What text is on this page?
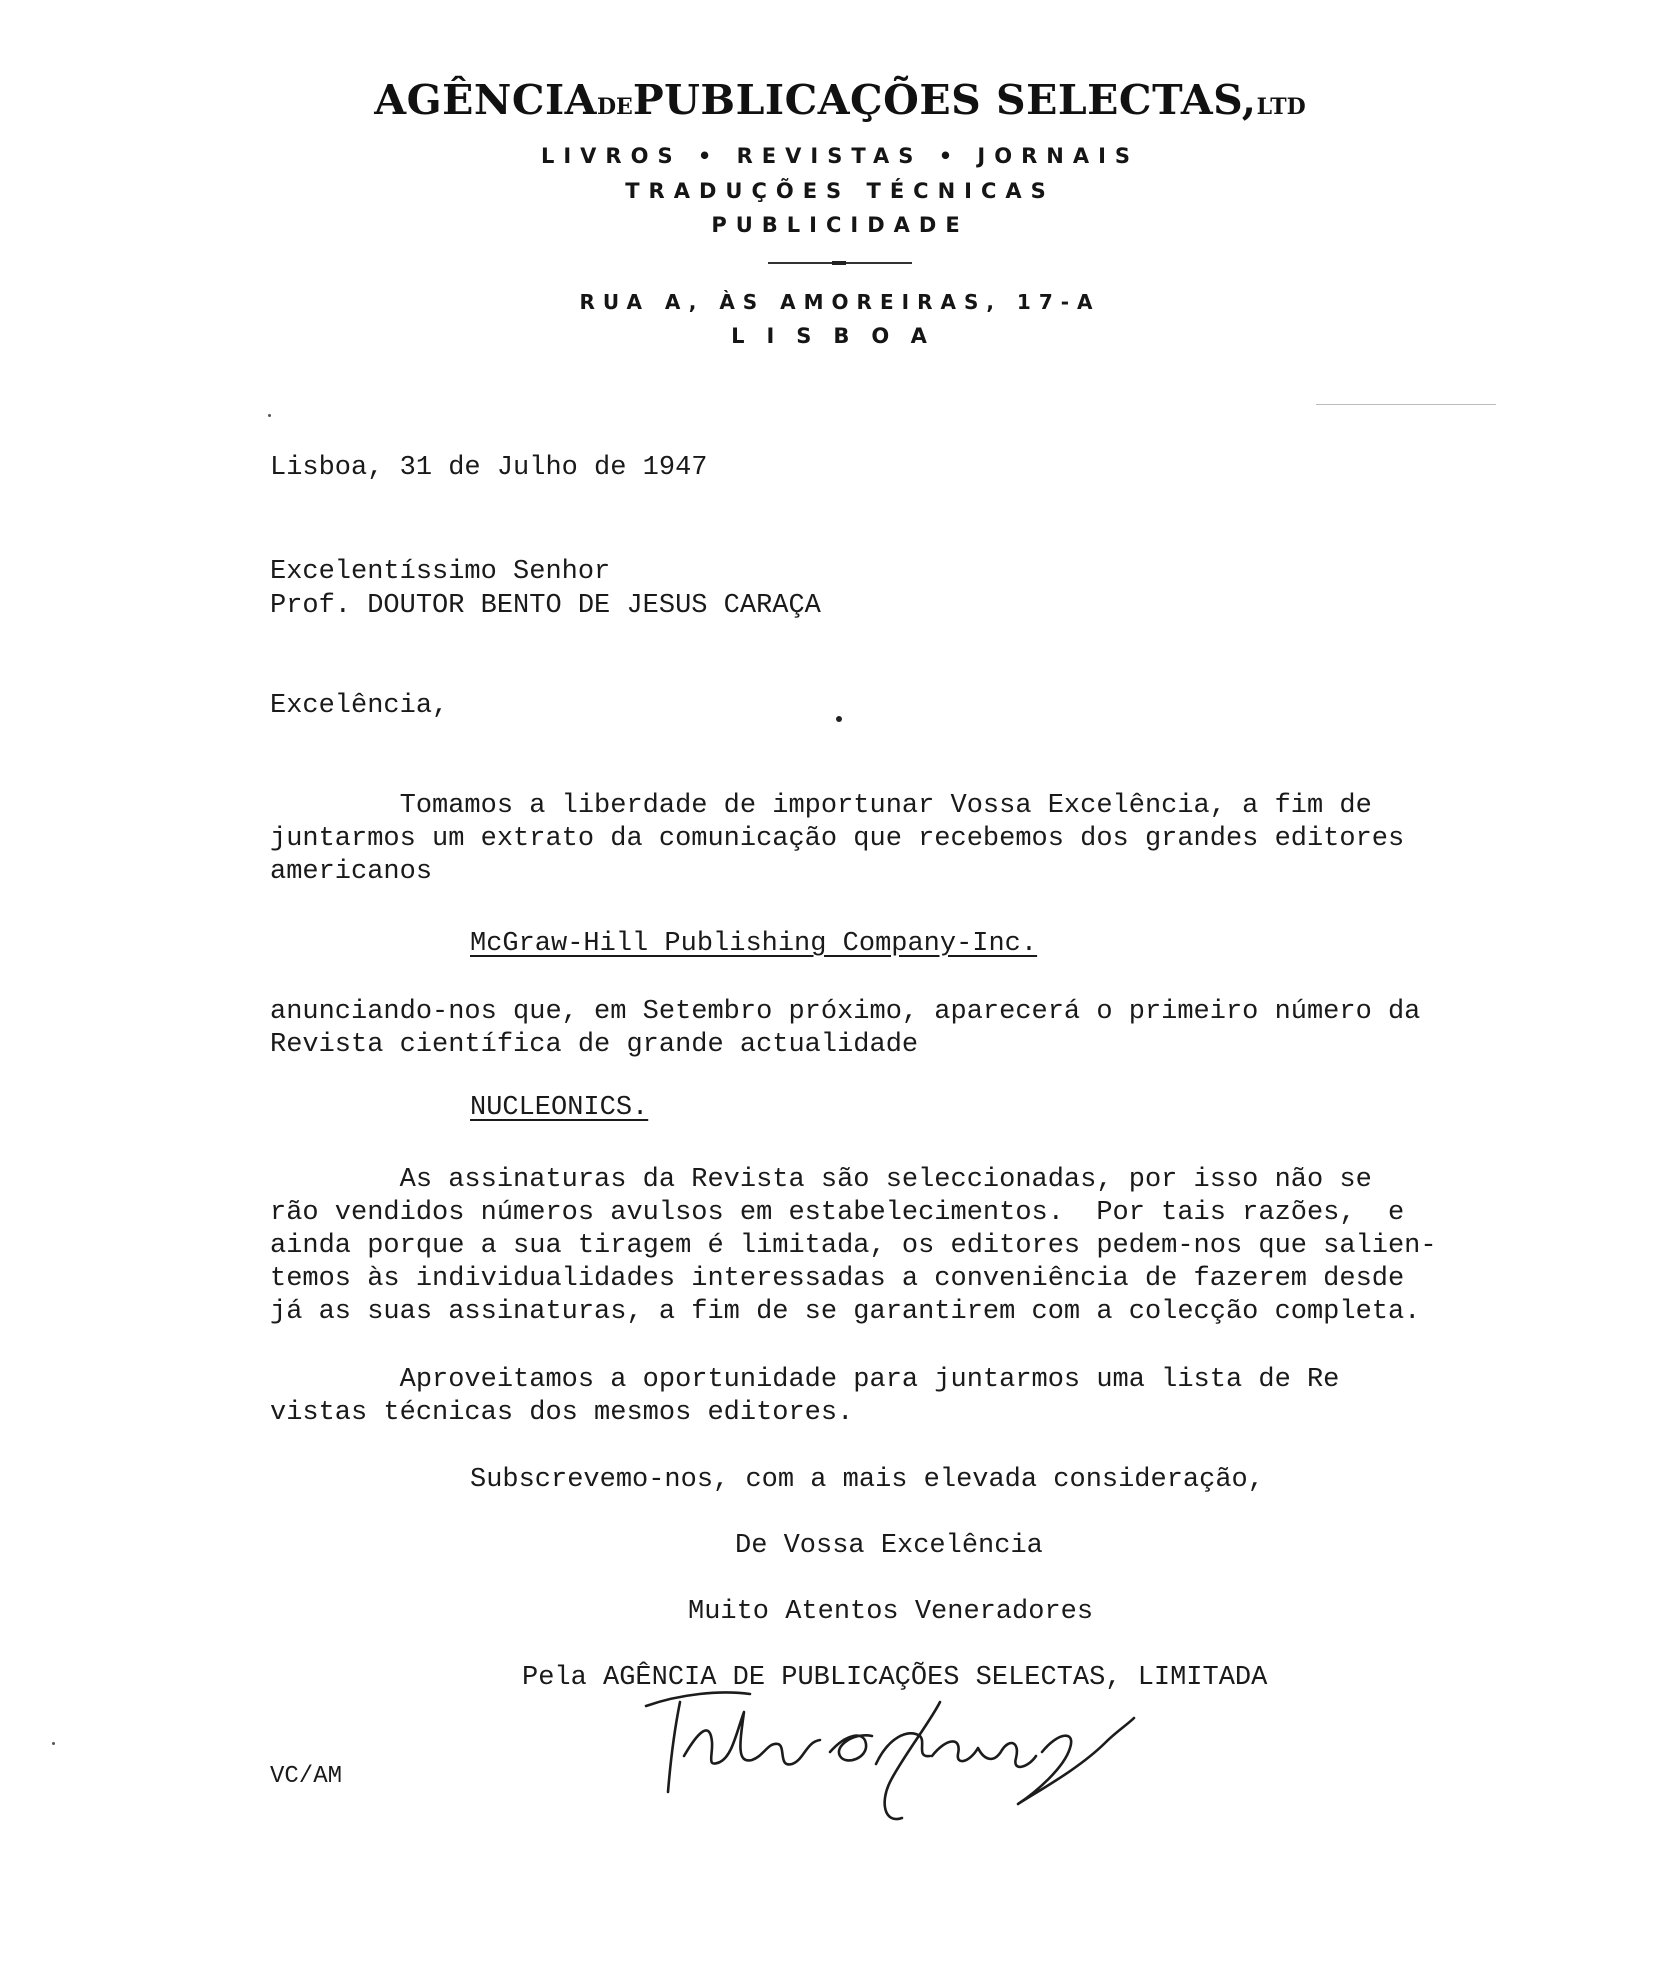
AGÊNCIADEPUBLICAÇÕES SELECTAS,LTD
LIVROS • REVISTAS • JORNAIS
TRADUÇÕES TÉCNICAS
PUBLICIDADE
RUA A, ÀS AMOREIRAS, 17-A
LISBOA
Lisboa, 31 de Julho de 1947
Excelentíssimo Senhor
Prof. DOUTOR BENTO DE JESUS CARAÇA
Excelência,
Tomamos a liberdade de importunar Vossa Excelência, a fim de
juntarmos um extrato da comunicação que recebemos dos grandes editores
americanos
McGraw-Hill Publishing Company-Inc.
anunciando-nos que, em Setembro próximo, aparecerá o primeiro número da
Revista científica de grande actualidade
NUCLEONICS.
As assinaturas da Revista são seleccionadas, por isso não se
rão vendidos números avulsos em estabelecimentos.  Por tais razões,  e
ainda porque a sua tiragem é limitada, os editores pedem-nos que salien-
temos às individualidades interessadas a conveniência de fazerem desde
já as suas assinaturas, a fim de se garantirem com a colecção completa.
Aproveitamos a oportunidade para juntarmos uma lista de Re
vistas técnicas dos mesmos editores.
Subscrevemo-nos, com a mais elevada consideração,
De Vossa Excelência
Muito Atentos Veneradores
Pela AGÊNCIA DE PUBLICAÇÕES SELECTAS, LIMITADA
VC/AM
